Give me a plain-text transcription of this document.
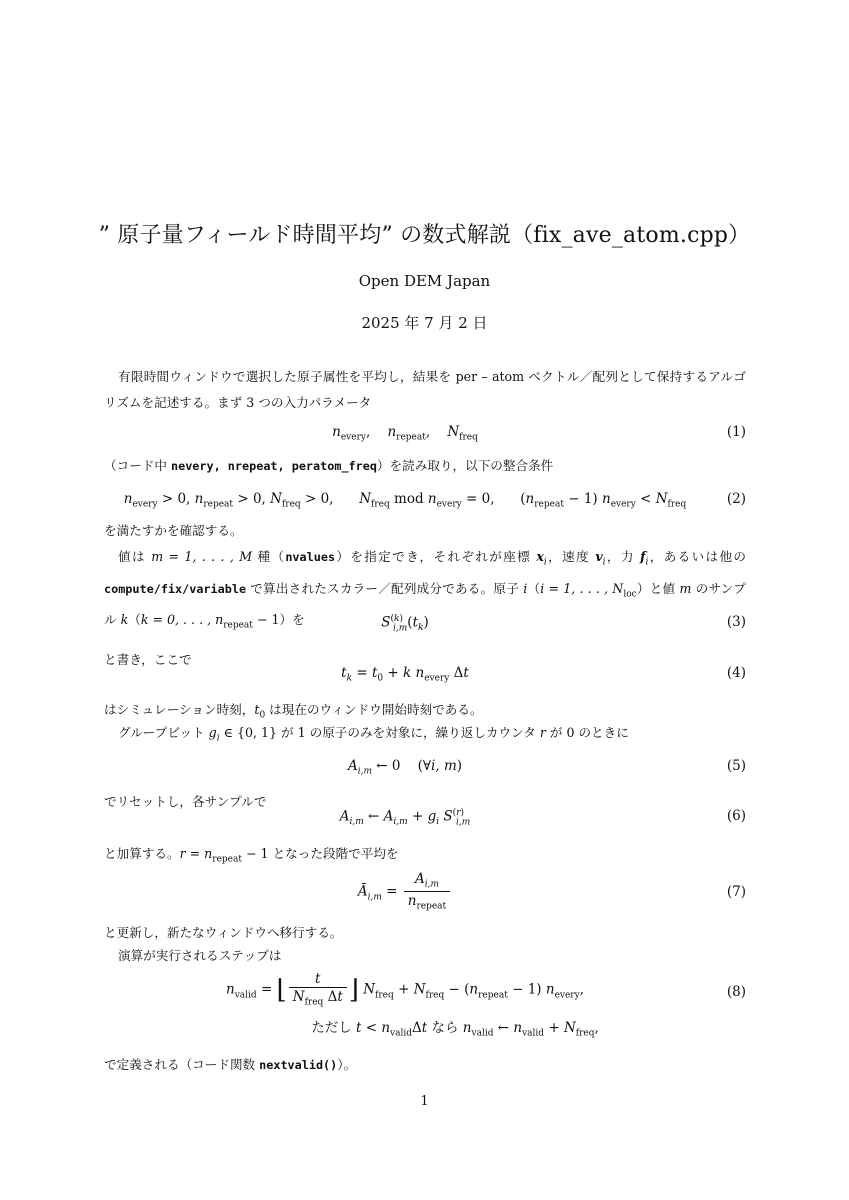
” 原子量フィールド時間平均” の数式解説（fix_ave_atom.cpp）
Open DEM Japan
2025 年 7 月 2 日
有限時間ウィンドウで選択した原子属性を平均し，結果を per – atom ベクトル／配列として保持するアルゴリズムを記述する。まず 3 つの入力パラメータ
$n_{every}$,    $n_{repeat}$,    $N_{freq}$	(1)
（コード中 nevery, nrepeat, peratom_freq）を読み取り，以下の整合条件
$n_{every} > 0$, $n_{repeat} > 0$, $N_{freq} > 0$,      $N_{freq}$ mod $n_{every} = 0$,      $(n_{repeat} - 1) n_{every} < N_{freq}$	(2)
を満たすかを確認する。
値は m = 1, . . . , M 種（nvalues）を指定でき，それぞれが座標 $x_i$，速度 $v_i$，力 $f_i$，あるいは他のcompute/fix/variable で算出されたスカラー／配列成分である。原子 i（i = 1, . . . , $N_{loc}$）と値 m のサンプル k（k = 0, . . . , $n_{repeat} - 1$）を	$S^{(k)}_{i,m}(t_k)$	(3)
と書き，ここで
$t_k = t_0 + k$ $n_{every}$ Δt	(4)
はシミュレーション時刻，$t_0$ は現在のウィンドウ開始時刻である。
グループビット $g_i$ ∈ {0, 1} が 1 の原子のみを対象に，繰り返しカウンタ r が 0 のときに
$A_{i,m}$ ← 0    (∀i, m)	(5)
でリセットし，各サンプルで
$A_{i,m}$ ← $A_{i,m} + g_i$ $S^{(r)}_{i,m}$	(6)
と加算する。$r = n_{repeat} - 1$ となった段階で平均を
$Ā_{i,m} = \frac{A_{i,m}}{n_{repeat}}$	(7)
と更新し，新たなウィンドウへ移行する。
演算が実行されるステップは
$n_{valid}$ = ⌊ $\frac{t}{N_{freq} \Delta t}$ ⌋ $N_{freq} + N_{freq} - (n_{repeat} - 1)$ $n_{every}$,	(8)
ただし $t < n_{valid}\Delta t$ なら $n_{valid}$ ← $n_{valid} + N_{freq}$,
で定義される（コード関数 nextvalid()）。
1
